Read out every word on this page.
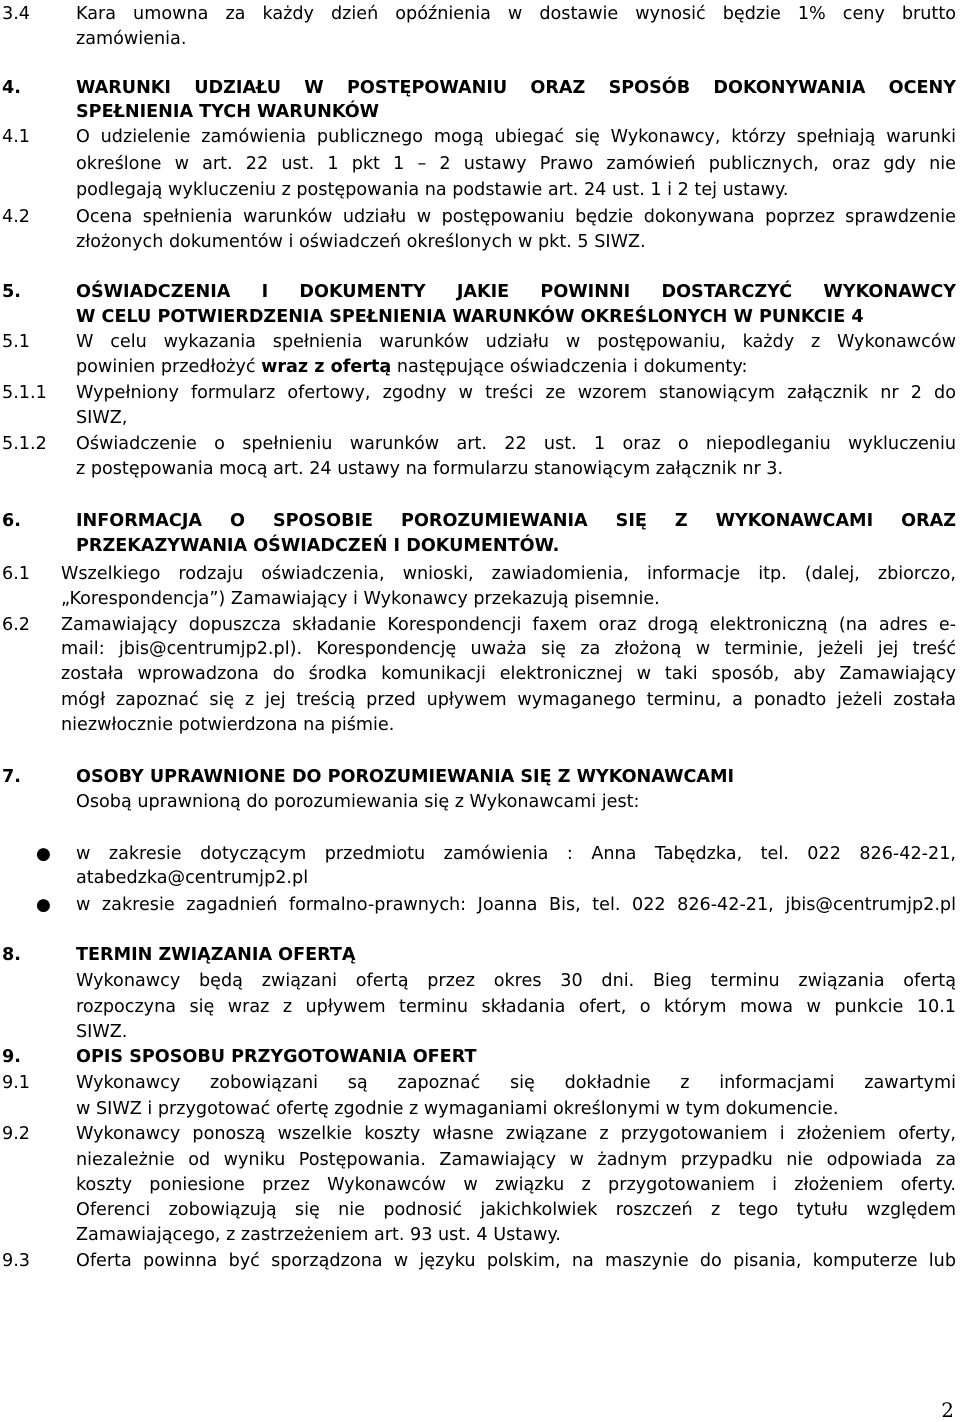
3.4	Kara umowna za każdy dzień opóźnienia w dostawie wynosić będzie 1% ceny brutto
zamówienia.
4.	WARUNKI UDZIAŁU W POSTĘPOWANIU ORAZ SPOSÓB DOKONYWANIA OCENY
SPEŁNIENIA TYCH WARUNKÓW
4.1	O udzielenie zamówienia publicznego mogą ubiegać się Wykonawcy, którzy spełniają warunki
określone w art. 22 ust. 1 pkt 1 – 2 ustawy Prawo zamówień publicznych, oraz gdy nie
podlegają wykluczeniu z postępowania na podstawie art. 24 ust. 1 i 2 tej ustawy.
4.2	Ocena spełnienia warunków udziału w postępowaniu będzie dokonywana poprzez sprawdzenie
złożonych dokumentów i oświadczeń określonych w pkt. 5 SIWZ.
5.	OŚWIADCZENIA I DOKUMENTY JAKIE POWINNI DOSTARCZYĆ WYKONAWCY
W CELU POTWIERDZENIA SPEŁNIENIA WARUNKÓW OKREŚLONYCH W PUNKCIE 4
5.1	W celu wykazania spełnienia warunków udziału w postępowaniu, każdy z Wykonawców
powinien przedłożyć wraz z ofertą następujące oświadczenia i dokumenty:
5.1.1 Wypełniony formularz ofertowy, zgodny w treści ze wzorem stanowiącym załącznik nr 2 do
SIWZ,
5.1.2 Oświadczenie o spełnieniu warunków art. 22 ust. 1 oraz o niepodleganiu wykluczeniu
z postępowania mocą art. 24 ustawy na formularzu stanowiącym załącznik nr 3.
6.	INFORMACJA O SPOSOBIE POROZUMIEWANIA SIĘ Z WYKONAWCAMI ORAZ
PRZEKAZYWANIA OŚWIADCZEŃ I DOKUMENTÓW.
6.1 Wszelkiego rodzaju oświadczenia, wnioski, zawiadomienia, informacje itp. (dalej, zbiorczo,
„Korespondencja”) Zamawiający i Wykonawcy przekazują pisemnie.
6.2 Zamawiający dopuszcza składanie Korespondencji faxem oraz drogą elektroniczną (na adres e-
mail: jbis@centrumjp2.pl). Korespondencję uważa się za złożoną w terminie, jeżeli jej treść
została wprowadzona do środka komunikacji elektronicznej w taki sposób, aby Zamawiający
mógł zapoznać się z jej treścią przed upływem wymaganego terminu, a ponadto jeżeli została
niezwłocznie potwierdzona na piśmie.
7.	OSOBY UPRAWNIONE DO POROZUMIEWANIA SIĘ Z WYKONAWCAMI
Osobą uprawnioną do porozumiewania się z Wykonawcami jest:
● w zakresie dotyczącym przedmiotu zamówienia : Anna Tabędzka, tel. 022 826-42-21,
atabedzka@centrumjp2.pl
● w zakresie zagadnień formalno-prawnych: Joanna Bis, tel. 022 826-42-21, jbis@centrumjp2.pl
8.	TERMIN ZWIĄZANIA OFERTĄ
Wykonawcy będą związani ofertą przez okres 30 dni. Bieg terminu związania ofertą
rozpoczyna się wraz z upływem terminu składania ofert, o którym mowa w punkcie 10.1
SIWZ.
9.	OPIS SPOSOBU PRZYGOTOWANIA OFERT
9.1	Wykonawcy zobowiązani są zapoznać się dokładnie z informacjami zawartymi
w SIWZ i przygotować ofertę zgodnie z wymaganiami określonymi w tym dokumencie.
9.2	Wykonawcy ponoszą wszelkie koszty własne związane z przygotowaniem i złożeniem oferty,
niezależnie od wyniku Postępowania. Zamawiający w żadnym przypadku nie odpowiada za
koszty poniesione przez Wykonawców w związku z przygotowaniem i złożeniem oferty.
Oferenci zobowiązują się nie podnosić jakichkolwiek roszczeń z tego tytułu względem
Zamawiającego, z zastrzeżeniem art. 93 ust. 4 Ustawy.
9.3	Oferta powinna być sporządzona w języku polskim, na maszynie do pisania, komputerze lub
2
